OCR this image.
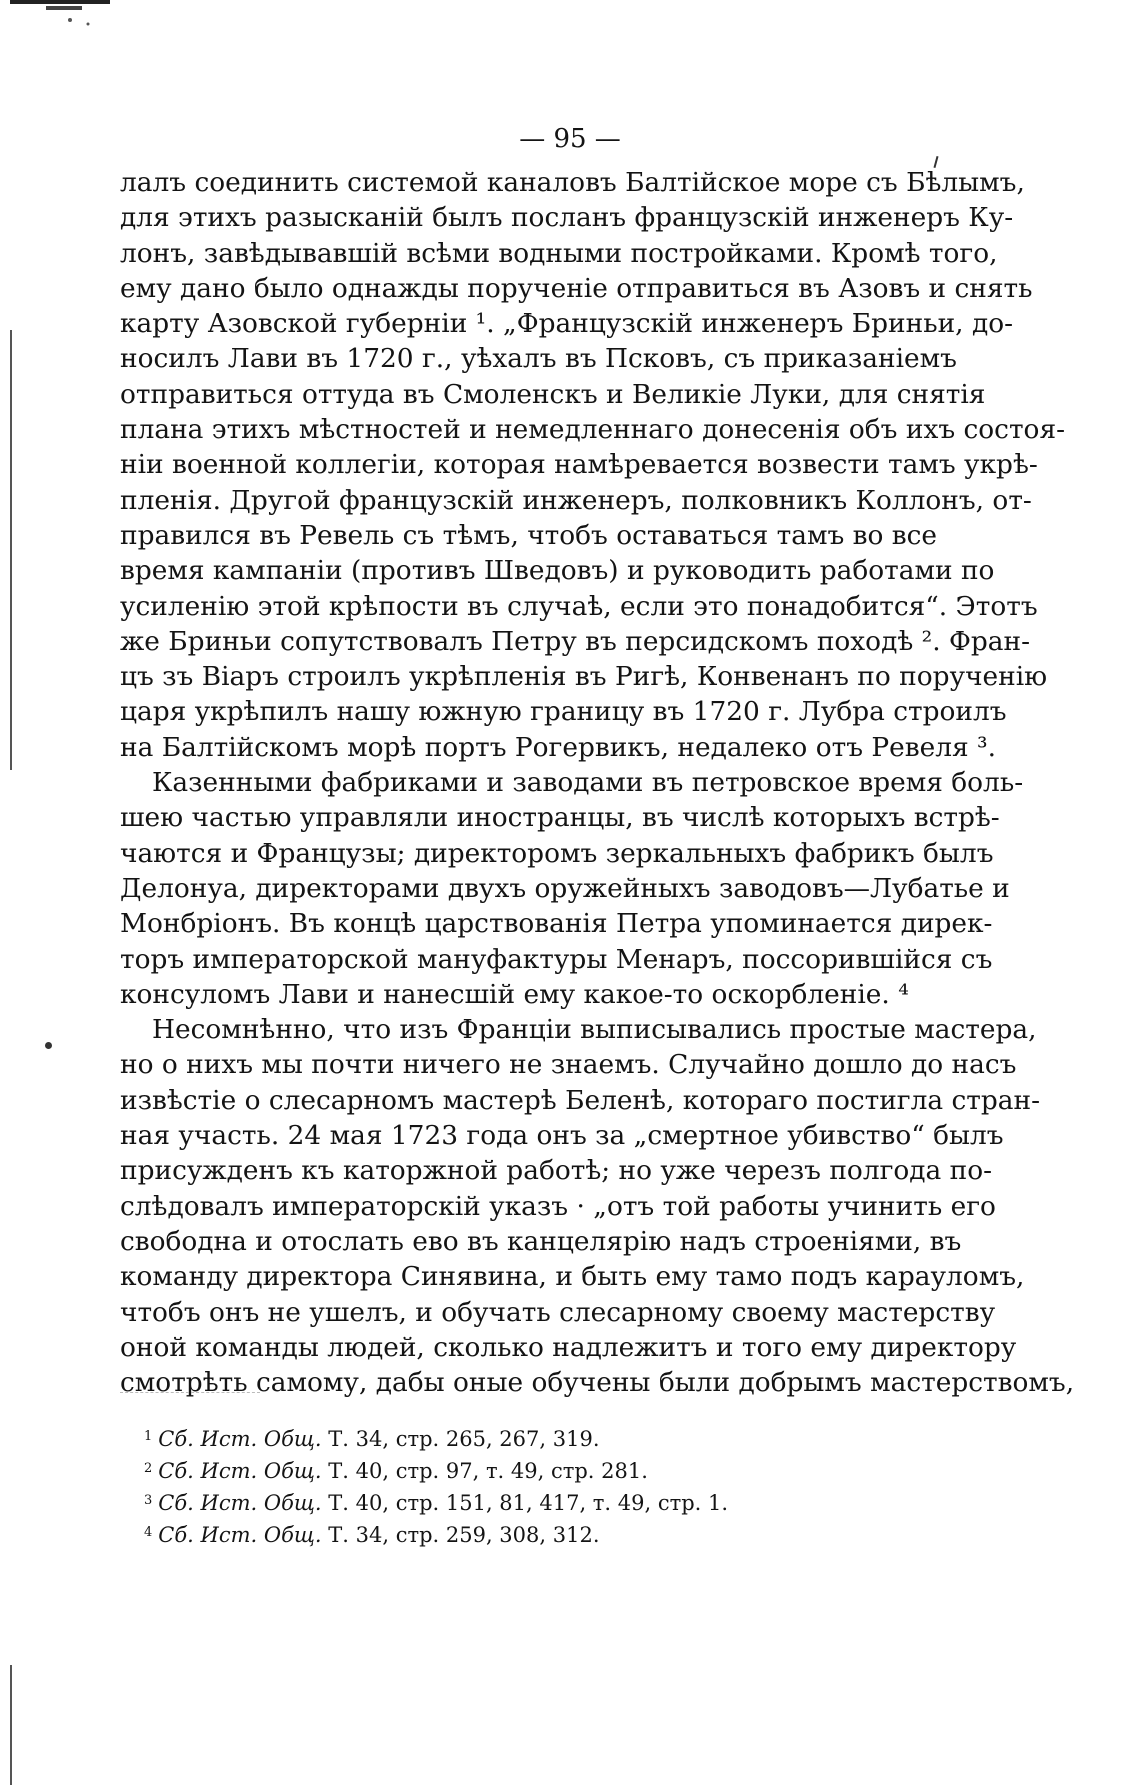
— 95 —
лалъ соединить системой каналовъ Балтійское море съ Бѣлымъ,
для этихъ разысканій былъ посланъ французскій инженеръ Ку-
лонъ, завѣдывавшій всѣми водными постройками. Кромѣ того,
ему дано было однажды порученіе отправиться въ Азовъ и снять
карту Азовской губерніи ¹. „Французскій инженеръ Бриньи, до-
носилъ Лави въ 1720 г., уѣхалъ въ Псковъ, съ приказаніемъ
отправиться оттуда въ Смоленскъ и Великіе Луки, для снятія
плана этихъ мѣстностей и немедленнаго донесенія объ ихъ состоя-
ніи военной коллегіи, которая намѣревается возвести тамъ укрѣ-
пленія. Другой французскій инженеръ, полковникъ Коллонъ, от-
правился въ Ревель съ тѣмъ, чтобъ оставаться тамъ во все
время кампаніи (противъ Шведовъ) и руководить работами по
усиленію этой крѣпости въ случаѣ, если это понадобится“. Этотъ
же Бриньи сопутствовалъ Петру въ персидскомъ походѣ ². Фран-
цъ зъ Віаръ строилъ укрѣпленія въ Ригѣ, Конвенанъ по порученію
царя укрѣпилъ нашу южную границу въ 1720 г. Лубра строилъ
на Балтійскомъ морѣ портъ Рогервикъ, недалеко отъ Ревеля ³.
Казенными фабриками и заводами въ петровское время боль-
шею частью управляли иностранцы, въ числѣ которыхъ встрѣ-
чаются и Французы; директоромъ зеркальныхъ фабрикъ былъ
Делонуа, директорами двухъ оружейныхъ заводовъ—Лубатье и
Монбріонъ. Въ концѣ царствованія Петра упоминается дирек-
торъ императорской мануфактуры Менаръ, поссорившійся съ
консуломъ Лави и нанесшій ему какое-то оскорбленіе. ⁴
Несомнѣнно, что изъ Франціи выписывались простые мастера,
но о нихъ мы почти ничего не знаемъ. Случайно дошло до насъ
извѣстіе о слесарномъ мастерѣ Беленѣ, котораго постигла стран-
ная участь. 24 мая 1723 года онъ за „смертное убивство“ былъ
присужденъ къ каторжной работѣ; но уже черезъ полгода по-
слѣдовалъ императорскій указъ · „отъ той работы учинить его
свободна и отослать ево въ канцелярію надъ строеніями, въ
команду директора Синявина, и быть ему тамо подъ карауломъ,
чтобъ онъ не ушелъ, и обучать слесарному своему мастерству
оной команды людей, сколько надлежитъ и того ему директору
смотрѣть самому, дабы оные обучены были добрымъ мастерствомъ,
$^1$ Сб. Ист. Общ. Т. 34, стр. 265, 267, 319.
$^2$ Сб. Ист. Общ. Т. 40, стр. 97, т. 49, стр. 281.
$^3$ Сб. Ист. Общ. Т. 40, стр. 151, 81, 417, т. 49, стр. 1.
$^4$ Сб. Ист. Общ. Т. 34, стр. 259, 308, 312.
